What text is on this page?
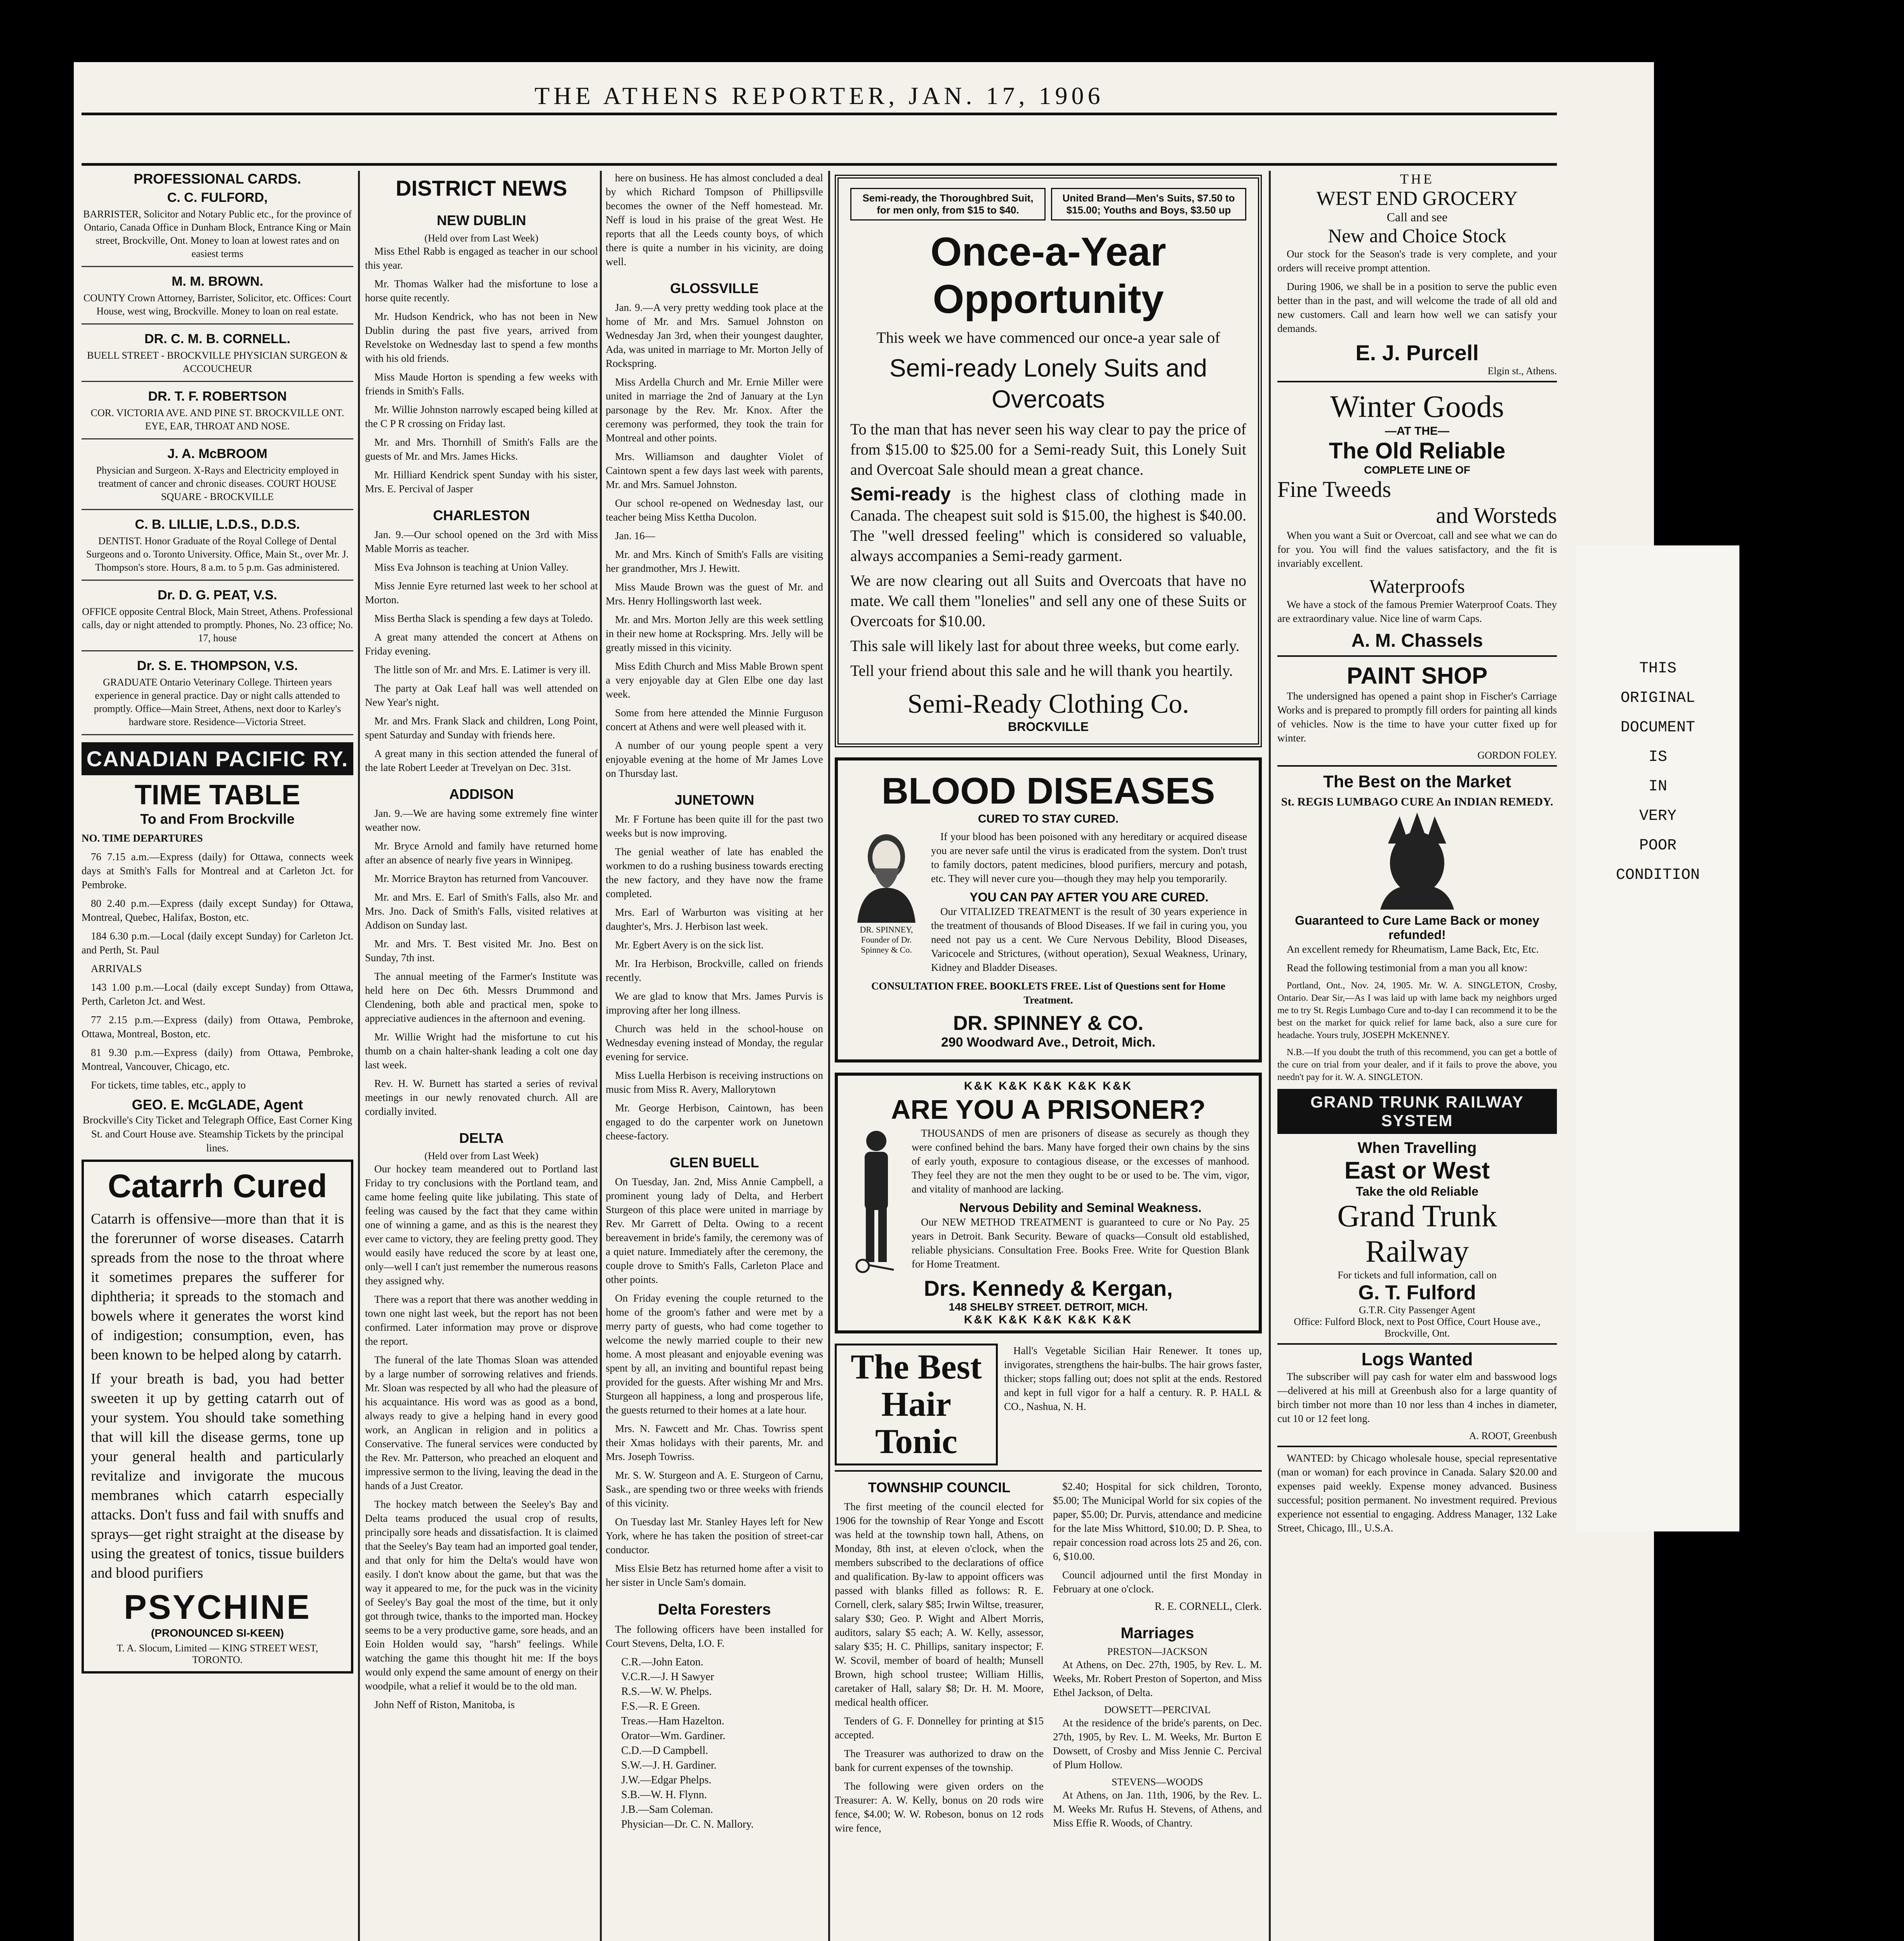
THIS
ORIGINAL
DOCUMENT
IS
IN
VERY
POOR
CONDITION
THE ATHENS REPORTER, JAN. 17, 1906
PROFESSIONAL CARDS.
C. C. FULFORD,
BARRISTER, Solicitor and Notary Public etc., for the province of Ontario, Canada Office in Dunham Block, Entrance King or Main street, Brockville, Ont. Money to loan at lowest rates and on easiest terms
M. M. BROWN.
COUNTY Crown Attorney, Barrister, Solicitor, etc. Offices: Court House, west wing, Brockville. Money to loan on real estate.
DR. C. M. B. CORNELL.
BUELL STREET - BROCKVILLE PHYSICIAN SURGEON & ACCOUCHEUR
DR. T. F. ROBERTSON
COR. VICTORIA AVE. AND PINE ST. BROCKVILLE ONT. EYE, EAR, THROAT AND NOSE.
J. A. McBROOM
Physician and Surgeon. X-Rays and Electricity employed in treatment of cancer and chronic diseases. COURT HOUSE SQUARE - BROCKVILLE
C. B. LILLIE, L.D.S., D.D.S.
DENTIST. Honor Graduate of the Royal College of Dental Surgeons and o. Toronto University. Office, Main St., over Mr. J. Thompson's store. Hours, 8 a.m. to 5 p.m. Gas administered.
Dr. D. G. PEAT, V.S.
OFFICE opposite Central Block, Main Street, Athens. Professional calls, day or night attended to promptly. Phones, No. 23 office; No. 17, house
Dr. S. E. THOMPSON, V.S.
GRADUATE Ontario Veterinary College. Thirteen years experience in general practice. Day or night calls attended to promptly. Office—Main Street, Athens, next door to Karley's hardware store. Residence—Victoria Street.
CANADIAN PACIFIC RY.
TIME TABLE
To and From Brockville
NO. TIME DEPARTURES

76 7.15 a.m.—Express (daily) for Ottawa, connects week days at Smith's Falls for Montreal and at Carleton Jct. for Pembroke.

80 2.40 p.m.—Express (daily except Sunday) for Ottawa, Montreal, Quebec, Halifax, Boston, etc.

184 6.30 p.m.—Local (daily except Sunday) for Carleton Jct. and Perth, St. Paul

ARRIVALS

143 1.00 p.m.—Local (daily except Sunday) from Ottawa, Perth, Carleton Jct. and West.

77 2.15 p.m.—Express (daily) from Ottawa, Pembroke, Ottawa, Montreal, Boston, etc.

81 9.30 p.m.—Express (daily) from Ottawa, Pembroke, Montreal, Vancouver, Chicago, etc.

For tickets, time tables, etc., apply to

GEO. E. McGLADE, Agent

Brockville's City Ticket and Telegraph Office, East Corner King St. and Court House ave. Steamship Tickets by the principal lines.

Catarrh Cured

Catarrh is offensive—more than that it is the forerunner of worse diseases. Catarrh spreads from the nose to the throat where it sometimes prepares the sufferer for diphtheria; it spreads to the stomach and bowels where it generates the worst kind of indigestion; consumption, even, has been known to be helped along by catarrh.

If your breath is bad, you had better sweeten it up by getting catarrh out of your system. You should take something that will kill the disease germs, tone up your general health and particularly revitalize and invigorate the mucous membranes which catarrh especially attacks. Don't fuss and fail with snuffs and sprays—get right straight at the disease by using the greatest of tonics, tissue builders and blood purifiers

PSYCHINE
(PRONOUNCED SI-KEEN)
T. A. Slocum, Limited — KING STREET WEST, TORONTO.
DISTRICT NEWS
NEW DUBLIN
(Held over from Last Week)

Miss Ethel Rabb is engaged as teacher in our school this year.

Mr. Thomas Walker had the misfortune to lose a horse quite recently.

Mr. Hudson Kendrick, who has not been in New Dublin during the past five years, arrived from Revelstoke on Wednesday last to spend a few months with his old friends.

Miss Maude Horton is spending a few weeks with friends in Smith's Falls.

Mr. Willie Johnston narrowly escaped being killed at the C P R crossing on Friday last.

Mr. and Mrs. Thornhill of Smith's Falls are the guests of Mr. and Mrs. James Hicks.

Mr. Hilliard Kendrick spent Sunday with his sister, Mrs. E. Percival of Jasper

CHARLESTON

Jan. 9.—Our school opened on the 3rd with Miss Mable Morris as teacher.

Miss Eva Johnson is teaching at Union Valley.

Miss Jennie Eyre returned last week to her school at Morton.

Miss Bertha Slack is spending a few days at Toledo.

A great many attended the concert at Athens on Friday evening.

The little son of Mr. and Mrs. E. Latimer is very ill.

The party at Oak Leaf hall was well attended on New Year's night.

Mr. and Mrs. Frank Slack and children, Long Point, spent Saturday and Sunday with friends here.

A great many in this section attended the funeral of the late Robert Leeder at Trevelyan on Dec. 31st.

ADDISON

Jan. 9.—We are having some extremely fine winter weather now.

Mr. Bryce Arnold and family have returned home after an absence of nearly five years in Winnipeg.

Mr. Morrice Brayton has returned from Vancouver.

Mr. and Mrs. E. Earl of Smith's Falls, also Mr. and Mrs. Jno. Dack of Smith's Falls, visited relatives at Addison on Sunday last.

Mr. and Mrs. T. Best visited Mr. Jno. Best on Sunday, 7th inst.

The annual meeting of the Farmer's Institute was held here on Dec 6th. Messrs Drummond and Clendening, both able and practical men, spoke to appreciative audiences in the afternoon and evening.

Mr. Willie Wright had the misfortune to cut his thumb on a chain halter-shank leading a colt one day last week.

Rev. H. W. Burnett has started a series of revival meetings in our newly renovated church. All are cordially invited.

DELTA
(Held over from Last Week)

Our hockey team meandered out to Portland last Friday to try conclusions with the Portland team, and came home feeling quite like jubilating. This state of feeling was caused by the fact that they came within one of winning a game, and as this is the nearest they ever came to victory, they are feeling pretty good. They would easily have reduced the score by at least one, only—well I can't just remember the numerous reasons they assigned why.

There was a report that there was another wedding in town one night last week, but the report has not been confirmed. Later information may prove or disprove the report.

The funeral of the late Thomas Sloan was attended by a large number of sorrowing relatives and friends. Mr. Sloan was respected by all who had the pleasure of his acquaintance. His word was as good as a bond, always ready to give a helping hand in every good work, an Anglican in religion and in politics a Conservative. The funeral services were conducted by the Rev. Mr. Patterson, who preached an eloquent and impressive sermon to the living, leaving the dead in the hands of a Just Creator.

The hockey match between the Seeley's Bay and Delta teams produced the usual crop of results, principally sore heads and dissatisfaction. It is claimed that the Seeley's Bay team had an imported goal tender, and that only for him the Delta's would have won easily. I don't know about the game, but that was the way it appeared to me, for the puck was in the vicinity of Seeley's Bay goal the most of the time, but it only got through twice, thanks to the imported man. Hockey seems to be a very productive game, sore heads, and an Eoin Holden would say, "harsh" feelings. While watching the game this thought hit me: If the boys would only expend the same amount of energy on their woodpile, what a relief it would be to the old man.

John Neff of Riston, Manitoba, is

here on business. He has almost concluded a deal by which Richard Tompson of Phillipsville becomes the owner of the Neff homestead. Mr. Neff is loud in his praise of the great West. He reports that all the Leeds county boys, of which there is quite a number in his vicinity, are doing well.

GLOSSVILLE

Jan. 9.—A very pretty wedding took place at the home of Mr. and Mrs. Samuel Johnston on Wednesday Jan 3rd, when their youngest daughter, Ada, was united in marriage to Mr. Morton Jelly of Rockspring.

Miss Ardella Church and Mr. Ernie Miller were united in marriage the 2nd of January at the Lyn parsonage by the Rev. Mr. Knox. After the ceremony was performed, they took the train for Montreal and other points.

Mrs. Williamson and daughter Violet of Caintown spent a few days last week with parents, Mr. and Mrs. Samuel Johnston.

Our school re-opened on Wednesday last, our teacher being Miss Kettha Ducolon.

Jan. 16—

Mr. and Mrs. Kinch of Smith's Falls are visiting her grandmother, Mrs J. Hewitt.

Miss Maude Brown was the guest of Mr. and Mrs. Henry Hollingsworth last week.

Mr. and Mrs. Morton Jelly are this week settling in their new home at Rockspring. Mrs. Jelly will be greatly missed in this vicinity.

Miss Edith Church and Miss Mable Brown spent a very enjoyable day at Glen Elbe one day last week.

Some from here attended the Minnie Furguson concert at Athens and were well pleased with it.

A number of our young people spent a very enjoyable evening at the home of Mr James Love on Thursday last.

JUNETOWN

Mr. F Fortune has been quite ill for the past two weeks but is now improving.

The genial weather of late has enabled the workmen to do a rushing business towards erecting the new factory, and they have now the frame completed.

Mrs. Earl of Warburton was visiting at her daughter's, Mrs. J. Herbison last week.

Mr. Egbert Avery is on the sick list.

Mr. Ira Herbison, Brockville, called on friends recently.

We are glad to know that Mrs. James Purvis is improving after her long illness.

Church was held in the school-house on Wednesday evening instead of Monday, the regular evening for service.

Miss Luella Herbison is receiving instructions on music from Miss R. Avery, Mallorytown

Mr. George Herbison, Caintown, has been engaged to do the carpenter work on Junetown cheese-factory.

GLEN BUELL

On Tuesday, Jan. 2nd, Miss Annie Campbell, a prominent young lady of Delta, and Herbert Sturgeon of this place were united in marriage by Rev. Mr Garrett of Delta. Owing to a recent bereavement in bride's family, the ceremony was of a quiet nature. Immediately after the ceremony, the couple drove to Smith's Falls, Carleton Place and other points.

On Friday evening the couple returned to the home of the groom's father and were met by a merry party of guests, who had come together to welcome the newly married couple to their new home. A most pleasant and enjoyable evening was spent by all, an inviting and bountiful repast being provided for the guests. After wishing Mr and Mrs. Sturgeon all happiness, a long and prosperous life, the guests returned to their homes at a late hour.

Mrs. N. Fawcett and Mr. Chas. Towriss spent their Xmas holidays with their parents, Mr. and Mrs. Joseph Towriss.

Mr. S. W. Sturgeon and A. E. Sturgeon of Carnu, Sask., are spending two or three weeks with friends of this vicinity.

On Tuesday last Mr. Stanley Hayes left for New York, where he has taken the position of street-car conductor.

Miss Elsie Betz has returned home after a visit to her sister in Uncle Sam's domain.

Delta Foresters

The following officers have been installed for Court Stevens, Delta, I.O. F.

C.R.—John Eaton.
V.C.R.—J. H Sawyer
R.S.—W. W. Phelps.
F.S.—R. E Green.
Treas.—Ham Hazelton.
Orator—Wm. Gardiner.
C.D.—D Campbell.
S.W.—J. H. Gardiner.
J.W.—Edgar Phelps.
S.B.—W. H. Flynn.
J.B.—Sam Coleman.
Physician—Dr. C. N. Mallory.
Semi-ready, the Thoroughbred Suit, for men only, from $15 to $40.
United Brand—Men's Suits, $7.50 to $15.00; Youths and Boys, $3.50 up
Once-a-Year Opportunity

This week we have commenced our once-a year sale of

Semi-ready Lonely Suits and Overcoats

To the man that has never seen his way clear to pay the price of from $15.00 to $25.00 for a Semi-ready Suit, this Lonely Suit and Overcoat Sale should mean a great chance.

Semi-ready is the highest class of clothing made in Canada. The cheapest suit sold is $15.00, the highest is $40.00. The "well dressed feeling" which is considered so valuable, always accompanies a Semi-ready garment.

We are now clearing out all Suits and Overcoats that have no mate. We call them "lonelies" and sell any one of these Suits or Overcoats for $10.00.

This sale will likely last for about three weeks, but come early.

Tell your friend about this sale and he will thank you heartily.

Semi-Ready Clothing Co.
BROCKVILLE
BLOOD DISEASES
CURED TO STAY CURED.
DR. SPINNEY, Founder of Dr. Spinney & Co.

If your blood has been poisoned with any hereditary or acquired disease you are never safe until the virus is eradicated from the system. Don't trust to family doctors, patent medicines, blood purifiers, mercury and potash, etc. They will never cure you—though they may help you temporarily.

YOU CAN PAY AFTER YOU ARE CURED.

Our VITALIZED TREATMENT is the result of 30 years experience in the treatment of thousands of Blood Diseases. If we fail in curing you, you need not pay us a cent. We Cure Nervous Debility, Blood Diseases, Varicocele and Strictures, (without operation), Sexual Weakness, Urinary, Kidney and Bladder Diseases.

CONSULTATION FREE. BOOKLETS FREE. List of Questions sent for Home Treatment.

DR. SPINNEY & CO.
290 Woodward Ave., Detroit, Mich.
K&K K&K K&K K&K K&K
ARE YOU A PRISONER?

THOUSANDS of men are prisoners of disease as securely as though they were confined behind the bars. Many have forged their own chains by the sins of early youth, exposure to contagious disease, or the excesses of manhood. They feel they are not the men they ought to be or used to be. The vim, vigor, and vitality of manhood are lacking.

Nervous Debility and Seminal Weakness.

Our NEW METHOD TREATMENT is guaranteed to cure or No Pay. 25 years in Detroit. Bank Security. Beware of quacks—Consult old established, reliable physicians. Consultation Free. Books Free. Write for Question Blank for Home Treatment.

Drs. Kennedy & Kergan,
148 SHELBY STREET. DETROIT, MICH.
K&K K&K K&K K&K K&K
The Best Hair Tonic

Hall's Vegetable Sicilian Hair Renewer. It tones up, invigorates, strengthens the hair-bulbs. The hair grows faster, thicker; stops falling out; does not split at the ends. Restored and kept in full vigor for a half a century. R. P. HALL & CO., Nashua, N. H.

TOWNSHIP COUNCIL

The first meeting of the council elected for 1906 for the township of Rear Yonge and Escott was held at the township town hall, Athens, on Monday, 8th inst, at eleven o'clock, when the members subscribed to the declarations of office and qualification. By-law to appoint officers was passed with blanks filled as follows: R. E. Cornell, clerk, salary $85; Irwin Wiltse, treasurer, salary $30; Geo. P. Wight and Albert Morris, auditors, salary $5 each; A. W. Kelly, assessor, salary $35; H. C. Phillips, sanitary inspector; F. W. Scovil, member of board of health; Munsell Brown, high school trustee; William Hillis, caretaker of Hall, salary $8; Dr. H. M. Moore, medical health officer.

Tenders of G. F. Donnelley for printing at $15 accepted.

The Treasurer was authorized to draw on the bank for current expenses of the township.

The following were given orders on the Treasurer: A. W. Kelly, bonus on 20 rods wire fence, $4.00; W. W. Robeson, bonus on 12 rods wire fence,

$2.40; Hospital for sick children, Toronto, $5.00; The Municipal World for six copies of the paper, $5.00; Dr. Purvis, attendance and medicine for the late Miss Whittord, $10.00; D. P. Shea, to repair concession road across lots 25 and 26, con. 6, $10.00.

Council adjourned until the first Monday in February at one o'clock.

R. E. CORNELL, Clerk.
Marriages
PRESTON—JACKSON

At Athens, on Dec. 27th, 1905, by Rev. L. M. Weeks, Mr. Robert Preston of Soperton, and Miss Ethel Jackson, of Delta.

DOWSETT—PERCIVAL

At the residence of the bride's parents, on Dec. 27th, 1905, by Rev. L. M. Weeks, Mr. Burton E Dowsett, of Crosby and Miss Jennie C. Percival of Plum Hollow.

STEVENS—WOODS

At Athens, on Jan. 11th, 1906, by the Rev. L. M. Weeks Mr. Rufus H. Stevens, of Athens, and Miss Effie R. Woods, of Chantry.

THE
WEST END GROCERY
Call and see
New and Choice Stock

Our stock for the Season's trade is very complete, and your orders will receive prompt attention.

During 1906, we shall be in a position to serve the public even better than in the past, and will welcome the trade of all old and new customers. Call and learn how well we can satisfy your demands.

E. J. Purcell
Elgin st., Athens.
Winter Goods
—AT THE—
The Old Reliable
COMPLETE LINE OF
Fine Tweeds
and Worsteds

When you want a Suit or Overcoat, call and see what we can do for you. You will find the values satisfactory, and the fit is invariably excellent.

Waterproofs

We have a stock of the famous Premier Waterproof Coats. They are extraordinary value. Nice line of warm Caps.

A. M. Chassels
PAINT SHOP

The undersigned has opened a paint shop in Fischer's Carriage Works and is prepared to promptly fill orders for painting all kinds of vehicles. Now is the time to have your cutter fixed up for winter.

GORDON FOLEY.
The Best on the Market
St. REGIS LUMBAGO CURE An INDIAN REMEDY.
Guaranteed to Cure Lame Back or money refunded!

An excellent remedy for Rheumatism, Lame Back, Etc, Etc.

Read the following testimonial from a man you all know:

Portland, Ont., Nov. 24, 1905. Mr. W. A. SINGLETON, Crosby, Ontario. Dear Sir,—As I was laid up with lame back my neighbors urged me to try St. Regis Lumbago Cure and to-day I can recommend it to be the best on the market for quick relief for lame back, also a sure cure for headache. Yours truly, JOSEPH McKENNEY.

N.B.—If you doubt the truth of this recommend, you can get a bottle of the cure on trial from your dealer, and if it fails to prove the above, you needn't pay for it. W. A. SINGLETON.

GRAND TRUNK RAILWAY SYSTEM
When Travelling
East or West
Take the old Reliable
Grand Trunk
Railway
For tickets and full information, call on
G. T. Fulford
G.T.R. City Passenger Agent
Office: Fulford Block, next to Post Office, Court House ave., Brockville, Ont.
Logs Wanted

The subscriber will pay cash for water elm and basswood logs—delivered at his mill at Greenbush also for a large quantity of birch timber not more than 10 nor less than 4 inches in diameter, cut 10 or 12 feet long.

A. ROOT, Greenbush

WANTED: by Chicago wholesale house, special representative (man or woman) for each province in Canada. Salary $20.00 and expenses paid weekly. Expense money advanced. Business successful; position permanent. No investment required. Previous experience not essential to engaging. Address Manager, 132 Lake Street, Chicago, Ill., U.S.A.
